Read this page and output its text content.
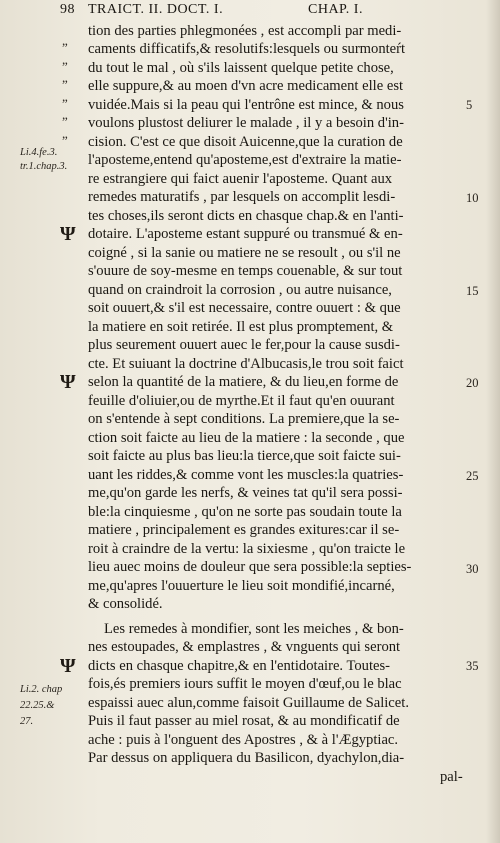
98 TRAICT. II. DOCT. I.	CHAP. I.
tion des parties phlegmonées , est accompli par medi-
caments difficatifs,& resolutifs:lesquels ou surmonteŕt
du tout le mal , où s'ils laissent quelque petite chose,
elle suppure,& au moen d'vn acre medicament elle est
vuidée.Mais si la peau qui l'entrône est mince, & nous
voulons plustost deliurer le malade , il y a besoin d'in-
cision. C'est ce que disoit Auicenne,que la curation de
l'apostemе,entend qu'aposteme,est d'extraire la matie-
re estrangiere qui faict auenir l'aposteme. Quant aux
remedes maturatifs , par lesquels on accomplit lesdi-
tes choses,ils seront dicts en chasque chap.& en l'anti-
dotaire. L'aposteme estant suppuré ou transmué & en-
coigné , si la sanie ou matiere ne se resoult , ou s'il ne
s'ouure de soy-mesme en temps couenable, & sur tout
quand on craindroit la corrosion , ou autre nuisance,
soit ouuert,& s'il est necessaire, contre ouuert : & que
la matiere en soit retirée. Il est plus promptement, &
plus seurement ouuert auec le fer,pour la cause susdi-
cte. Et suiuant la doctrine d'Albucasis,le trou soit faict
selon la quantité de la matiere, & du lieu,en forme de
feuille d'oliuier,ou de myrthe.Et il faut qu'en ouurant
on s'entende à sept conditions. La premiere,que la se-
ction soit faicte au lieu de la matiere : la seconde , que
soit faicte au plus bas lieu:la tierce,que soit faicte sui-
uant les riddes,& comme vont les muscles:la quatries-
me,qu'on garde les nerfs, & veines tat qu'il sera possi-
ble:la cinquiesme , qu'on ne sorte pas soudain toute la
matiere , principalement es grandes exitures:car il se-
roit à craindre de la vertu: la sixiesme , qu'on traicte le
lieu auec moins de douleur que sera possible:la septies-
me,qu'apres l'ouuerture le lieu soit mondifié,incarné,
& consolidé.
Les remedes à mondifier, sont les meiches , & bon-
nes estoupades, & emplastres , & vnguents qui seront
dicts en chasque chapitre,& en l'entidotaire. Toutes-
fois,és premiers iours suffit le moyen d'œuf,ou le blac
espaissi auec alun,comme faisoit Guillaume de Salicet.
Puis il faut passer au miel rosat, & au mondificatif de
ache : puis à l'onguent des Apostres , & à l'Ægyptiac.
Par dessus on appliquera du Basilicon, dyachylon,dia-
pal-
”
”
”
”
”
”
Li.4.fe.3.
tr.1.chap.3.
Li.2. chap
22.25.&
27.
Ψ
Ψ
Ψ
5
10
15
20
25
30
35
